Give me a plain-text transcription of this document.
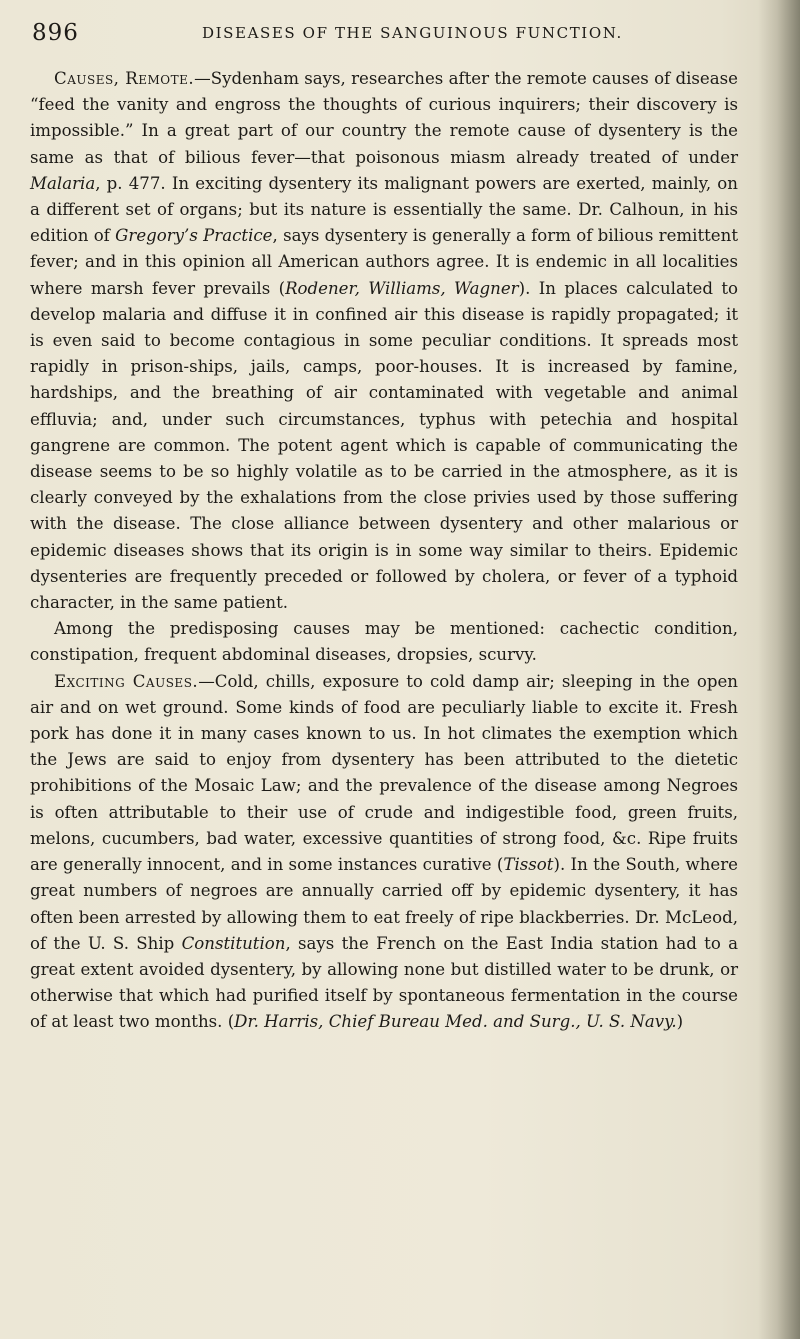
896	DISEASES OF THE SANGUINOUS FUNCTION.

Causes, Remote.—Sydenham says, researches after the remote causes of disease “feed the vanity and engross the thoughts of curious inquirers; their discovery is impossible.” In a great part of our country the remote cause of dysentery is the same as that of bilious fever—that poisonous miasm already treated of under Malaria, p. 477. In exciting dysentery its malignant powers are exerted, mainly, on a different set of organs; but its nature is essentially the same. Dr. Calhoun, in his edition of Gregory’s Practice, says dysentery is generally a form of bilious remittent fever; and in this opinion all American authors agree. It is endemic in all localities where marsh fever prevails (Rodener, Williams, Wagner). In places calculated to develop malaria and diffuse it in confined air this disease is rapidly propagated; it is even said to become contagious in some peculiar conditions. It spreads most rapidly in prison-ships, jails, camps, poor-houses. It is increased by famine, hardships, and the breathing of air contaminated with vegetable and animal effluvia; and, under such circumstances, typhus with petechia and hospital gangrene are common. The potent agent which is capable of communicating the disease seems to be so highly volatile as to be carried in the atmosphere, as it is clearly conveyed by the exhalations from the close privies used by those suffering with the disease. The close alliance between dysentery and other malarious or epidemic diseases shows that its origin is in some way similar to theirs. Epidemic dysenteries are frequently preceded or followed by cholera, or fever of a typhoid character, in the same patient.

Among the predisposing causes may be mentioned: cachectic condition, constipation, frequent abdominal diseases, dropsies, scurvy.

Exciting Causes.—Cold, chills, exposure to cold damp air; sleeping in the open air and on wet ground. Some kinds of food are peculiarly liable to excite it. Fresh pork has done it in many cases known to us. In hot climates the exemption which the Jews are said to enjoy from dysentery has been attributed to the dietetic prohibitions of the Mosaic Law; and the prevalence of the disease among Negroes is often attributable to their use of crude and indigestible food, green fruits, melons, cucumbers, bad water, excessive quantities of strong food, &c. Ripe fruits are generally innocent, and in some instances curative (Tissot). In the South, where great numbers of negroes are annually carried off by epidemic dysentery, it has often been arrested by allowing them to eat freely of ripe blackberries. Dr. McLeod, of the U. S. Ship Constitution, says the French on the East India station had to a great extent avoided dysentery, by allowing none but distilled water to be drunk, or otherwise that which had purified itself by spontaneous fermentation in the course of at least two months. (Dr. Harris, Chief Bureau Med. and Surg., U. S. Navy.)
